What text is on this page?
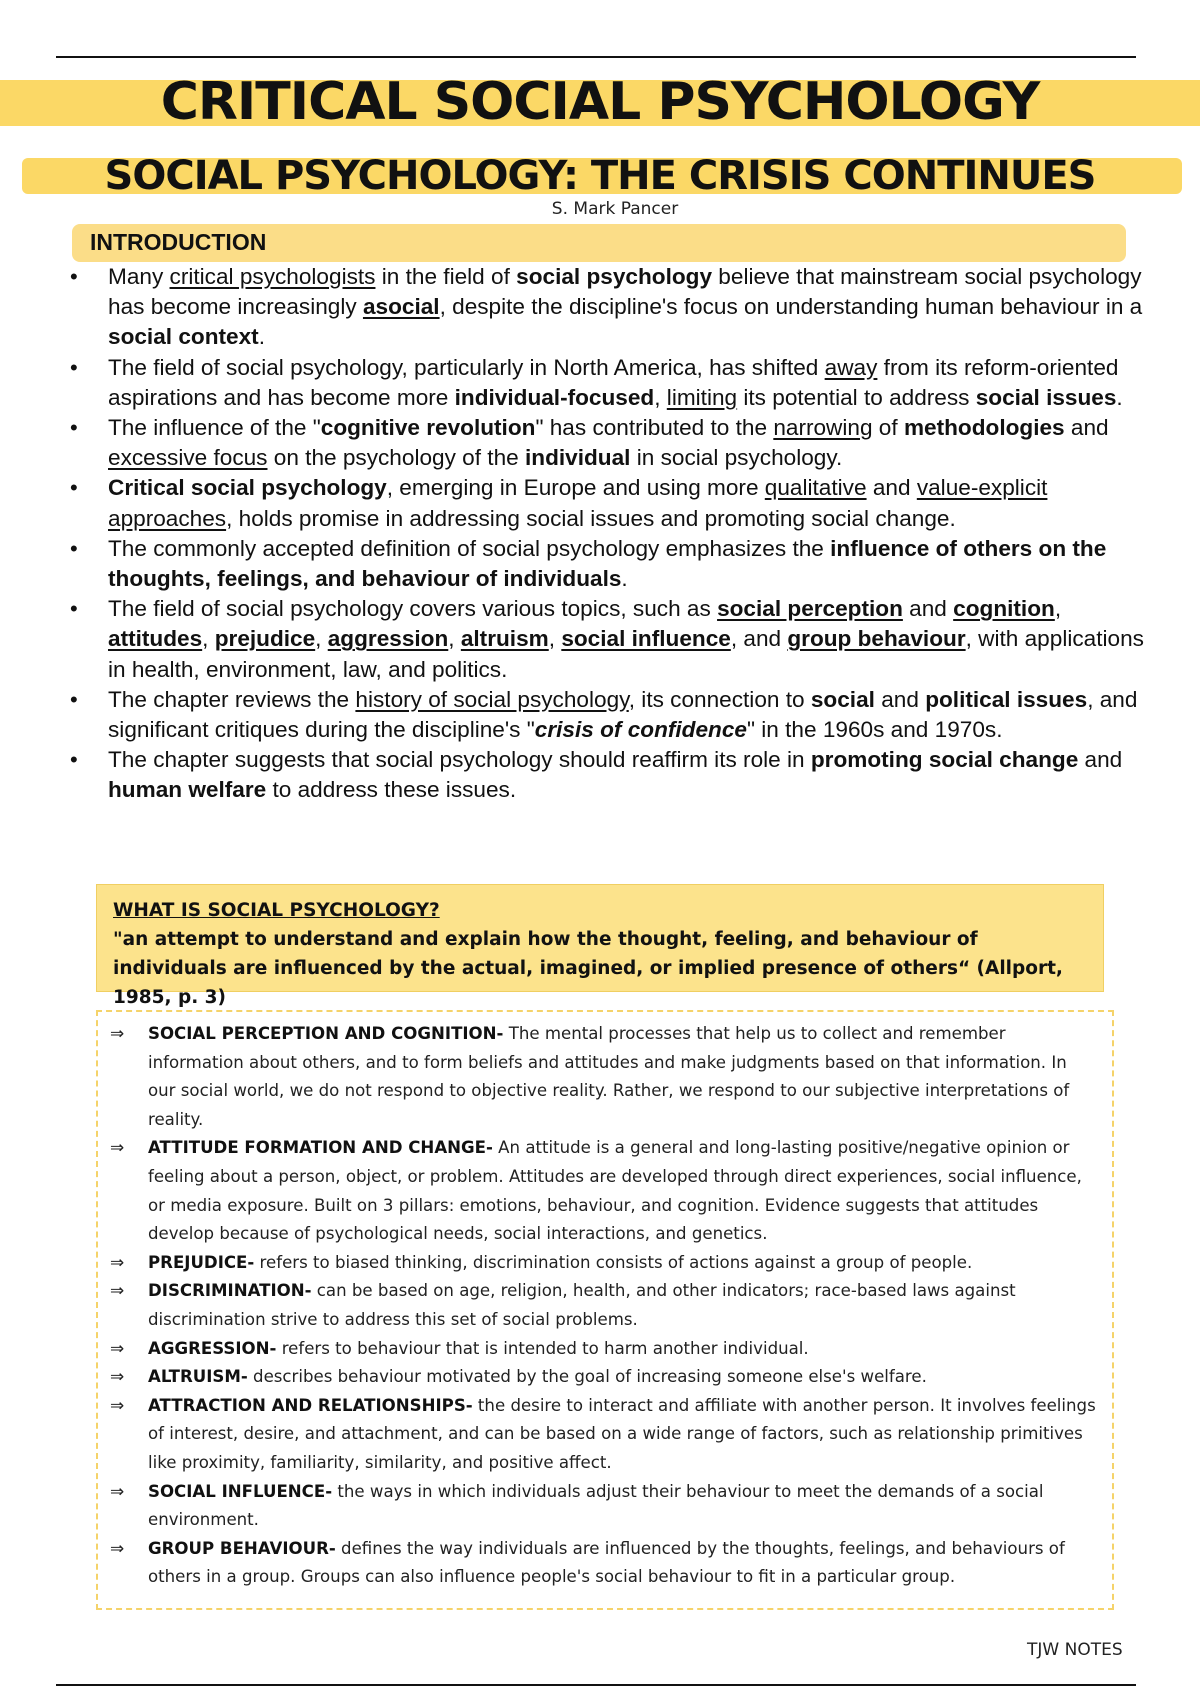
CRITICAL SOCIAL PSYCHOLOGY
SOCIAL PSYCHOLOGY: THE CRISIS CONTINUES
S. Mark Pancer
INTRODUCTION
• Many critical psychologists in the field of social psychology believe that mainstream social psychology has become increasingly asocial, despite the discipline's focus on understanding human behaviour in a social context.
• The field of social psychology, particularly in North America, has shifted away from its reform-oriented aspirations and has become more individual-focused, limiting its potential to address social issues.
• The influence of the "cognitive revolution" has contributed to the narrowing of methodologies and excessive focus on the psychology of the individual in social psychology.
• Critical social psychology, emerging in Europe and using more qualitative and value-explicit approaches, holds promise in addressing social issues and promoting social change.
• The commonly accepted definition of social psychology emphasizes the influence of others on the thoughts, feelings, and behaviour of individuals.
• The field of social psychology covers various topics, such as social perception and cognition, attitudes, prejudice, aggression, altruism, social influence, and group behaviour, with applications in health, environment, law, and politics.
• The chapter reviews the history of social psychology, its connection to social and political issues, and significant critiques during the discipline's "crisis of confidence" in the 1960s and 1970s.
• The chapter suggests that social psychology should reaffirm its role in promoting social change and human welfare to address these issues.
WHAT IS SOCIAL PSYCHOLOGY?
"an attempt to understand and explain how the thought, feeling, and behaviour of individuals are influenced by the actual, imagined, or implied presence of others“ (Allport, 1985, p. 3)
⇒ SOCIAL PERCEPTION AND COGNITION- The mental processes that help us to collect and remember information about others, and to form beliefs and attitudes and make judgments based on that information. In our social world, we do not respond to objective reality. Rather, we respond to our subjective interpretations of reality.
⇒ ATTITUDE FORMATION AND CHANGE- An attitude is a general and long-lasting positive/negative opinion or feeling about a person, object, or problem. Attitudes are developed through direct experiences, social influence, or media exposure. Built on 3 pillars: emotions, behaviour, and cognition. Evidence suggests that attitudes develop because of psychological needs, social interactions, and genetics.
⇒ PREJUDICE- refers to biased thinking, discrimination consists of actions against a group of people.
⇒ DISCRIMINATION- can be based on age, religion, health, and other indicators; race-based laws against discrimination strive to address this set of social problems.
⇒ AGGRESSION- refers to behaviour that is intended to harm another individual.
⇒ ALTRUISM- describes behaviour motivated by the goal of increasing someone else's welfare.
⇒ ATTRACTION AND RELATIONSHIPS- the desire to interact and affiliate with another person. It involves feelings of interest, desire, and attachment, and can be based on a wide range of factors, such as relationship primitives like proximity, familiarity, similarity, and positive affect.
⇒ SOCIAL INFLUENCE- the ways in which individuals adjust their behaviour to meet the demands of a social environment.
⇒ GROUP BEHAVIOUR- defines the way individuals are influenced by the thoughts, feelings, and behaviours of others in a group. Groups can also influence people's social behaviour to fit in a particular group.
TJW NOTES
